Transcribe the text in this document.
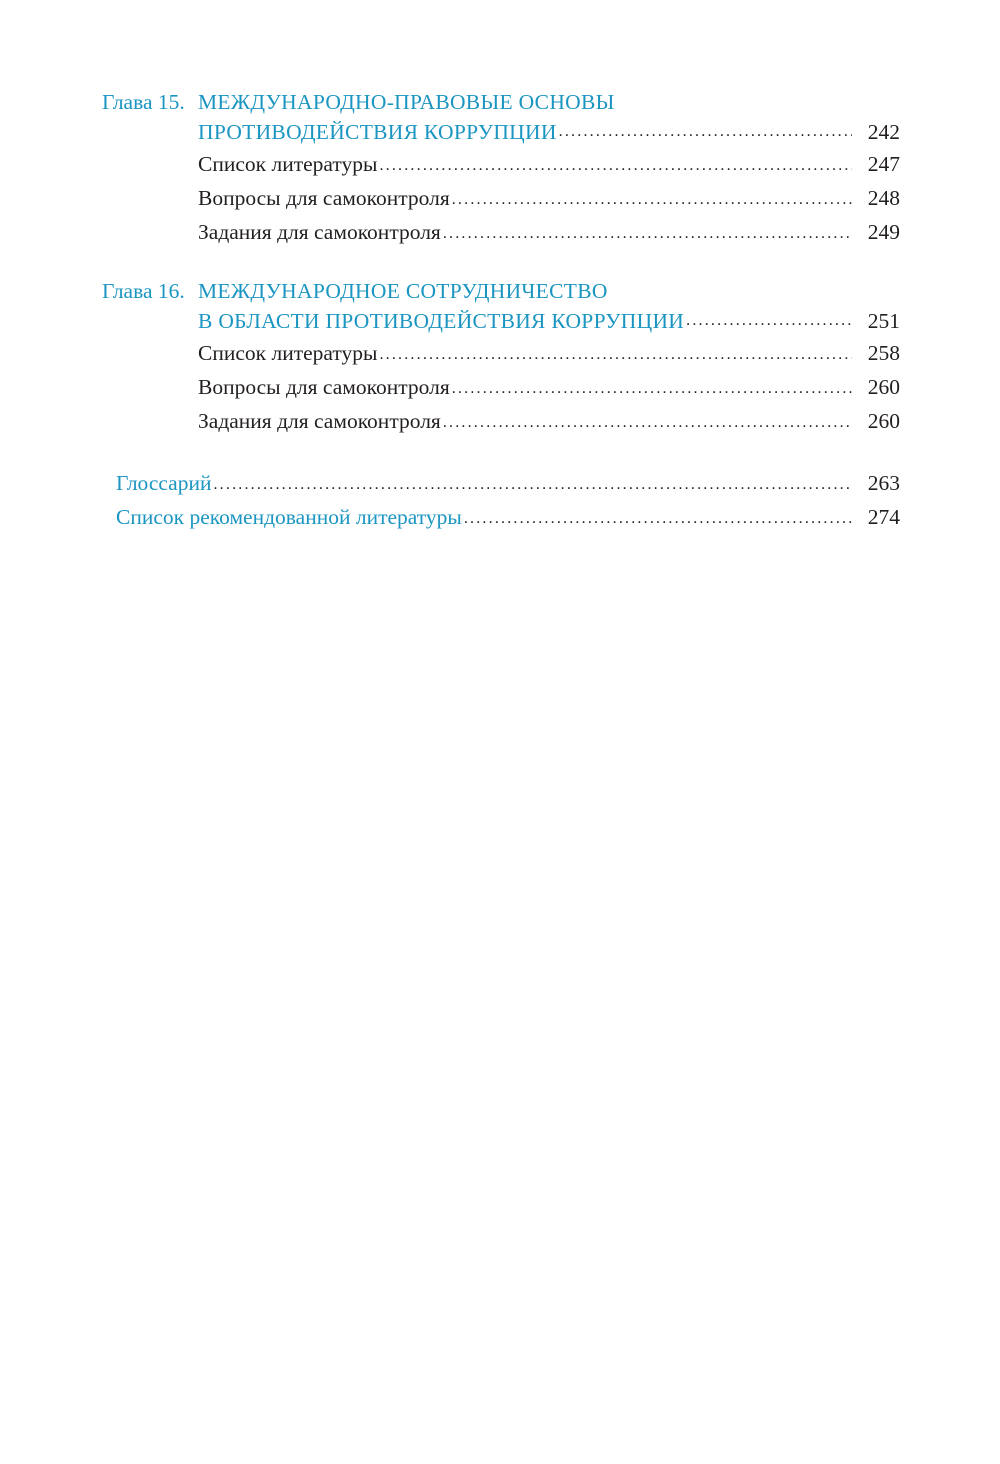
Глава 15. МЕЖДУНАРОДНО-ПРАВОВЫЕ ОСНОВЫ
ПРОТИВОДЕЙСТВИЯ КОРРУПЦИИ .....	242
Список литературы .....	247
Вопросы для самоконтроля .....	248
Задания для самоконтроля .....	249
Глава 16. МЕЖДУНАРОДНОЕ СОТРУДНИЧЕСТВО
В ОБЛАСТИ ПРОТИВОДЕЙСТВИЯ КОРРУПЦИИ .....	251
Список литературы .....	258
Вопросы для самоконтроля .....	260
Задания для самоконтроля .....	260
Глоссарий .....	263
Список рекомендованной литературы .....	274
